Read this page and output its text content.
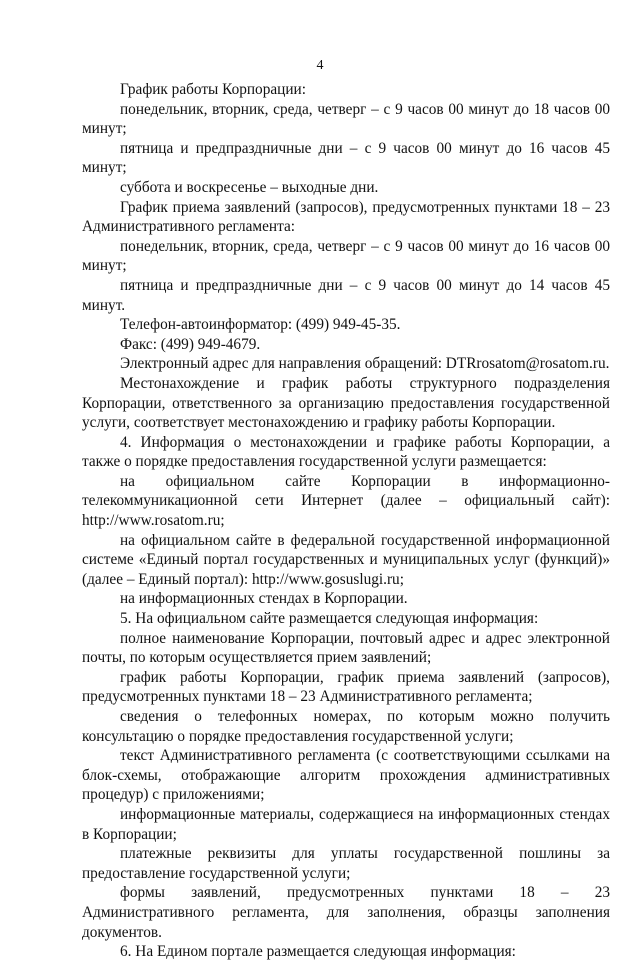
4

График работы Корпорации:

понедельник, вторник, среда, четверг – с 9 часов 00 минут до 18 часов 00 минут;

пятница и предпраздничные дни – с 9 часов 00 минут до 16 часов 45 минут;

суббота и воскресенье – выходные дни.

График приема заявлений (запросов), предусмотренных пунктами 18 – 23 Административного регламента:

понедельник, вторник, среда, четверг – с 9 часов 00 минут до 16 часов 00 минут;

пятница и предпраздничные дни – с 9 часов 00 минут до 14 часов 45 минут.

Телефон-автоинформатор: (499) 949-45-35.

Факс: (499) 949-4679.

Электронный адрес для направления обращений: DTRrosatom@rosatom.ru.

Местонахождение и график работы структурного подразделения Корпорации, ответственного за организацию предоставления государственной услуги, соответствует местонахождению и графику работы Корпорации.

4. Информация о местонахождении и графике работы Корпорации, а также о порядке предоставления государственной услуги размещается:

на официальном сайте Корпорации в информационно-телекоммуникационной сети Интернет (далее – официальный сайт): http://www.rosatom.ru;

на официальном сайте в федеральной государственной информационной системе «Единый портал государственных и муниципальных услуг (функций)» (далее – Единый портал): http://www.gosuslugi.ru;

на информационных стендах в Корпорации.

5. На официальном сайте размещается следующая информация:

полное наименование Корпорации, почтовый адрес и адрес электронной почты, по которым осуществляется прием заявлений;

график работы Корпорации, график приема заявлений (запросов), предусмотренных пунктами 18 – 23 Административного регламента;

сведения о телефонных номерах, по которым можно получить консультацию о порядке предоставления государственной услуги;

текст Административного регламента (с соответствующими ссылками на блок-схемы, отображающие алгоритм прохождения административных процедур) с приложениями;

информационные материалы, содержащиеся на информационных стендах в Корпорации;

платежные реквизиты для уплаты государственной пошлины за предоставление государственной услуги;

формы заявлений, предусмотренных пунктами 18 – 23 Административного регламента, для заполнения, образцы заполнения документов.

6. На Едином портале размещается следующая информация:
